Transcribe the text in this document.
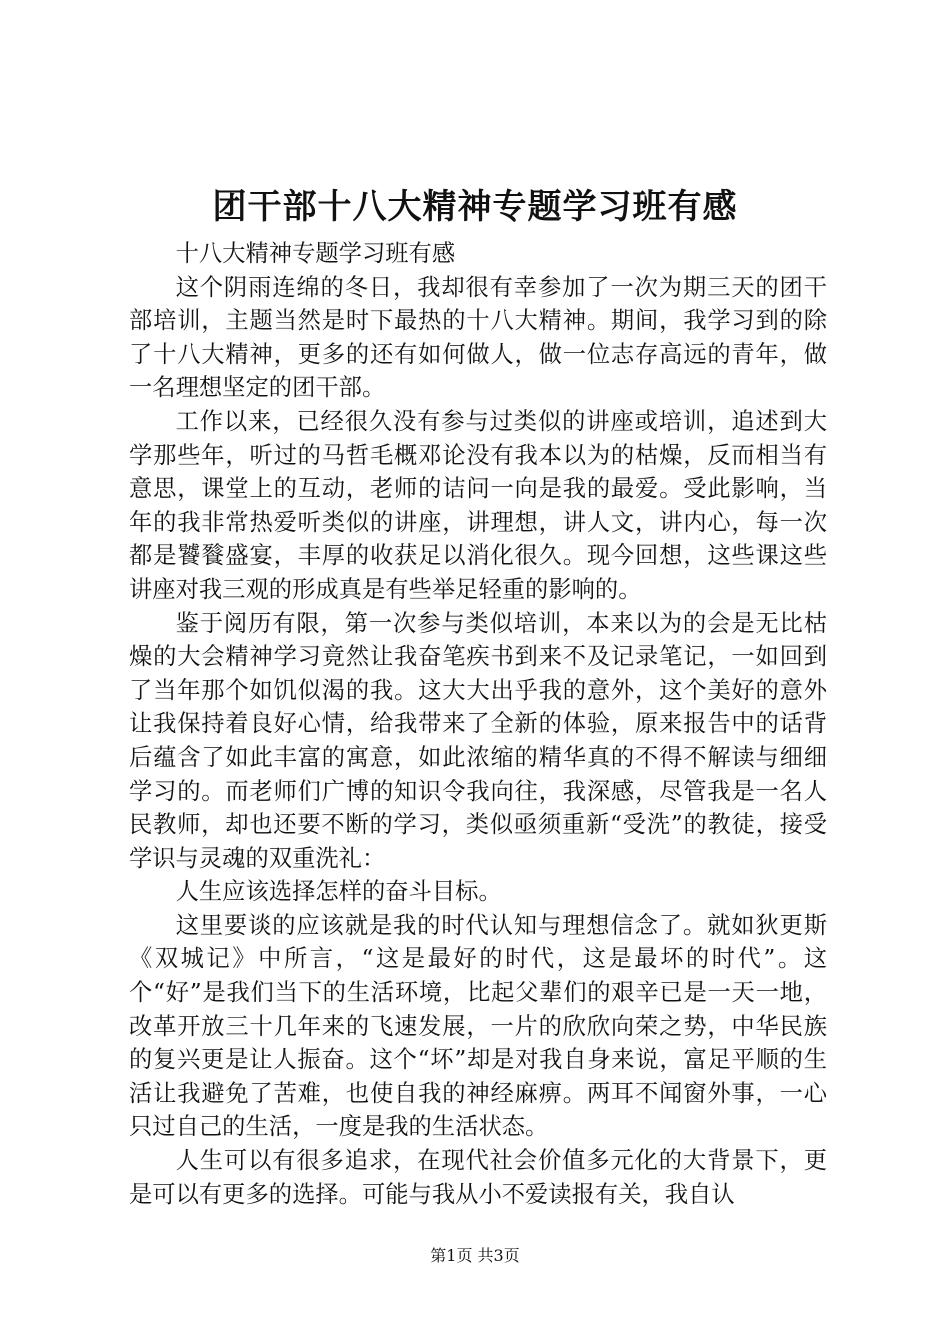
团干部十八大精神专题学习班有感

十八大精神专题学习班有感

这个阴雨连绵的冬日，我却很有幸参加了一次为期三天的团干部培训，主题当然是时下最热的十八大精神。期间，我学习到的除了十八大精神，更多的还有如何做人，做一位志存高远的青年，做一名理想坚定的团干部。

工作以来，已经很久没有参与过类似的讲座或培训，追述到大学那些年，听过的马哲毛概邓论没有我本以为的枯燥，反而相当有意思，课堂上的互动，老师的诘问一向是我的最爱。受此影响，当年的我非常热爱听类似的讲座，讲理想，讲人文，讲内心，每一次都是饕餮盛宴，丰厚的收获足以消化很久。现今回想，这些课这些讲座对我三观的形成真是有些举足轻重的影响的。

鉴于阅历有限，第一次参与类似培训，本来以为的会是无比枯燥的大会精神学习竟然让我奋笔疾书到来不及记录笔记，一如回到了当年那个如饥似渴的我。这大大出乎我的意外，这个美好的意外让我保持着良好心情，给我带来了全新的体验，原来报告中的话背后蕴含了如此丰富的寓意，如此浓缩的精华真的不得不解读与细细学习的。而老师们广博的知识令我向往，我深感，尽管我是一名人民教师，却也还要不断的学习，类似亟须重新“受洗”的教徒，接受学识与灵魂的双重洗礼：

人生应该选择怎样的奋斗目标。

这里要谈的应该就是我的时代认知与理想信念了。就如狄更斯《双城记》中所言，“这是最好的时代，这是最坏的时代”。这个“好”是我们当下的生活环境，比起父辈们的艰辛已是一天一地，改革开放三十几年来的飞速发展，一片的欣欣向荣之势，中华民族的复兴更是让人振奋。这个“坏”却是对我自身来说，富足平顺的生活让我避免了苦难，也使自我的神经麻痹。两耳不闻窗外事，一心只过自己的生活，一度是我的生活状态。

人生可以有很多追求，在现代社会价值多元化的大背景下，更是可以有更多的选择。可能与我从小不爱读报有关，我自认

第1页 共3页
